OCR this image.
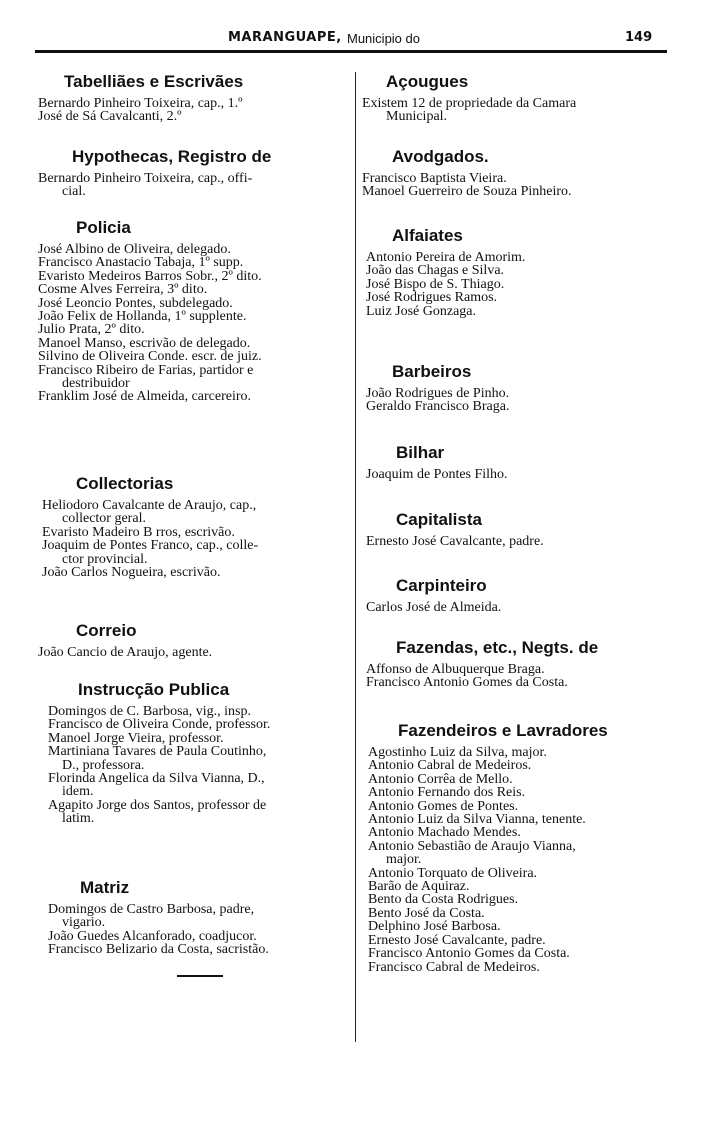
MARANGUAPE, Municipio do	149
Tabelliães e Escrivães
Bernardo Pinheiro Toixeira, cap., 1.º
José de Sá Cavalcanti, 2.º
Hypothecas, Registro de
Bernardo Pinheiro Toixeira, cap., offi-
cial.
Policia
José Albino de Oliveira, delegado.
Francisco Anastacio Tabaja, 1º supp.
Evaristo Medeiros Barros Sobr., 2º dito.
Cosme Alves Ferreira, 3º dito.
José Leoncio Pontes, subdelegado.
João Felix de Hollanda, 1º supplente.
Julio Prata, 2º dito.
Manoel Manso, escrivão de delegado.
Silvino de Oliveira Conde. escr. de juiz.
Francisco Ribeiro de Farias, partidor e
destribuidor
Franklim José de Almeida, carcereiro.
Collectorias
Heliodoro Cavalcante de Araujo, cap.,
collector geral.
Evaristo Madeiro B rros, escrivão.
Joaquim de Pontes Franco, cap., colle-
ctor provincial.
João Carlos Nogueira, escrivão.
Correio
João Cancio de Araujo, agente.
Instrucção Publica
Domingos de C. Barbosa, vig., insp.
Francisco de Oliveira Conde, professor.
Manoel Jorge Vieira, professor.
Martiniana Tavares de Paula Coutinho,
D., professora.
Florinda Angelica da Silva Vianna, D.,
idem.
Agapito Jorge dos Santos, professor de
latim.
Matriz
Domingos de Castro Barbosa, padre,
vigario.
João Guedes Alcanforado, coadjucor.
Francisco Belizario da Costa, sacristão.
Açougues
Existem 12 de propriedade da Camara
Municipal.
Avodgados.
Francisco Baptista Vieira.
Manoel Guerreiro de Souza Pinheiro.
Alfaiates
Antonio Pereira de Amorim.
João das Chagas e Silva.
José Bispo de S. Thiago.
José Rodrigues Ramos.
Luiz José Gonzaga.
Barbeiros
João Rodrigues de Pinho.
Geraldo Francisco Braga.
Bilhar
Joaquim de Pontes Filho.
Capitalista
Ernesto José Cavalcante, padre.
Carpinteiro
Carlos José de Almeida.
Fazendas, etc., Negts. de
Affonso de Albuquerque Braga.
Francisco Antonio Gomes da Costa.
Fazendeiros e Lavradores
Agostinho Luiz da Silva, major.
Antonio Cabral de Medeiros.
Antonio Corrêa de Mello.
Antonio Fernando dos Reis.
Antonio Gomes de Pontes.
Antonio Luiz da Silva Vianna, tenente.
Antonio Machado Mendes.
Antonio Sebastião de Araujo Vianna,
major.
Antonio Torquato de Oliveira.
Barão de Aquiraz.
Bento da Costa Rodrigues.
Bento José da Costa.
Delphino José Barbosa.
Ernesto José Cavalcante, padre.
Francisco Antonio Gomes da Costa.
Francisco Cabral de Medeiros.
